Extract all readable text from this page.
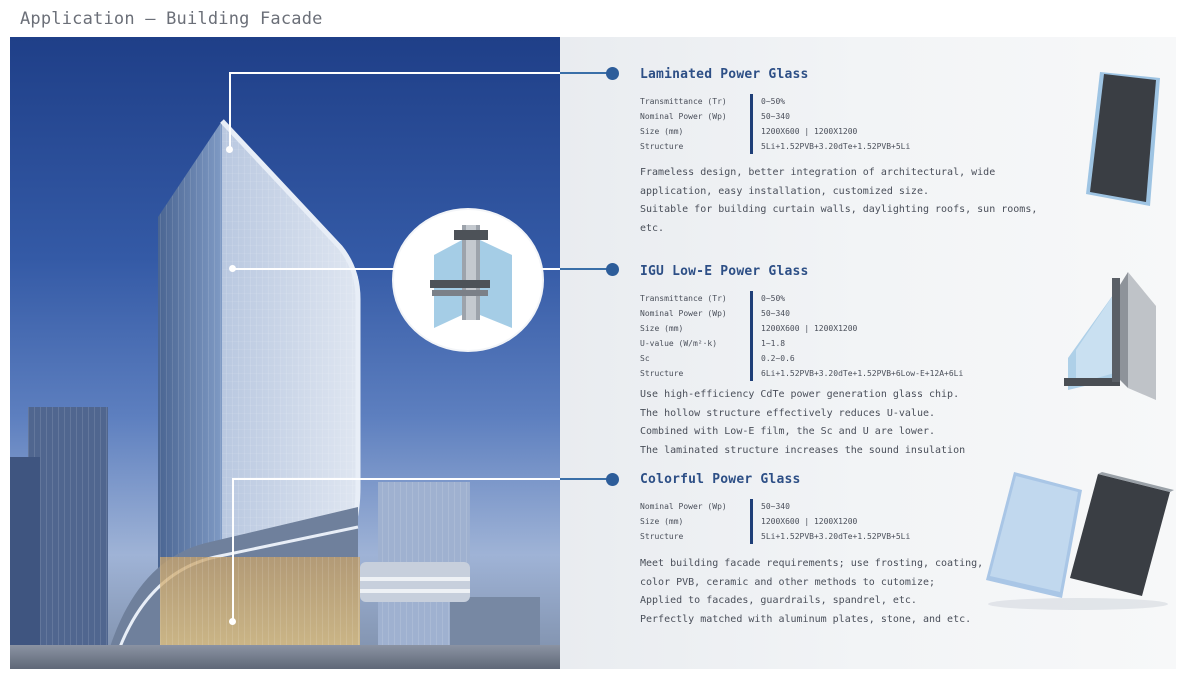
Application – Building Facade
Laminated Power Glass
Transmittance (Tr)	0~50%
Nominal Power (Wp)	50~340
Size (mm)	1200X600 | 1200X1200
Structure	5Li+1.52PVB+3.20dTe+1.52PVB+5Li
Frameless design, better integration of architectural, wide
application, easy installation, customized size.
Suitable for building curtain walls, daylighting roofs, sun rooms,
etc.
IGU Low-E Power Glass
Transmittance (Tr)	0~50%
Nominal Power (Wp)	50~340
Size (mm)	1200X600 | 1200X1200
U-value (W/m²·k)	1~1.8
Sc	0.2~0.6
Structure	6Li+1.52PVB+3.20dTe+1.52PVB+6Low-E+12A+6Li
Use high-efficiency CdTe power generation glass chip.
The hollow structure effectively reduces U-value.
Combined with Low-E film, the Sc and U are lower.
The laminated structure increases the sound insulation
Colorful Power Glass
Nominal Power (Wp)	50~340
Size (mm)	1200X600 | 1200X1200
Structure	5Li+1.52PVB+3.20dTe+1.52PVB+5Li
Meet building facade requirements; use frosting, coating,
color PVB, ceramic and other methods to cutomize;
Applied to facades, guardrails, spandrel, etc.
Perfectly matched with aluminum plates, stone, and etc.
